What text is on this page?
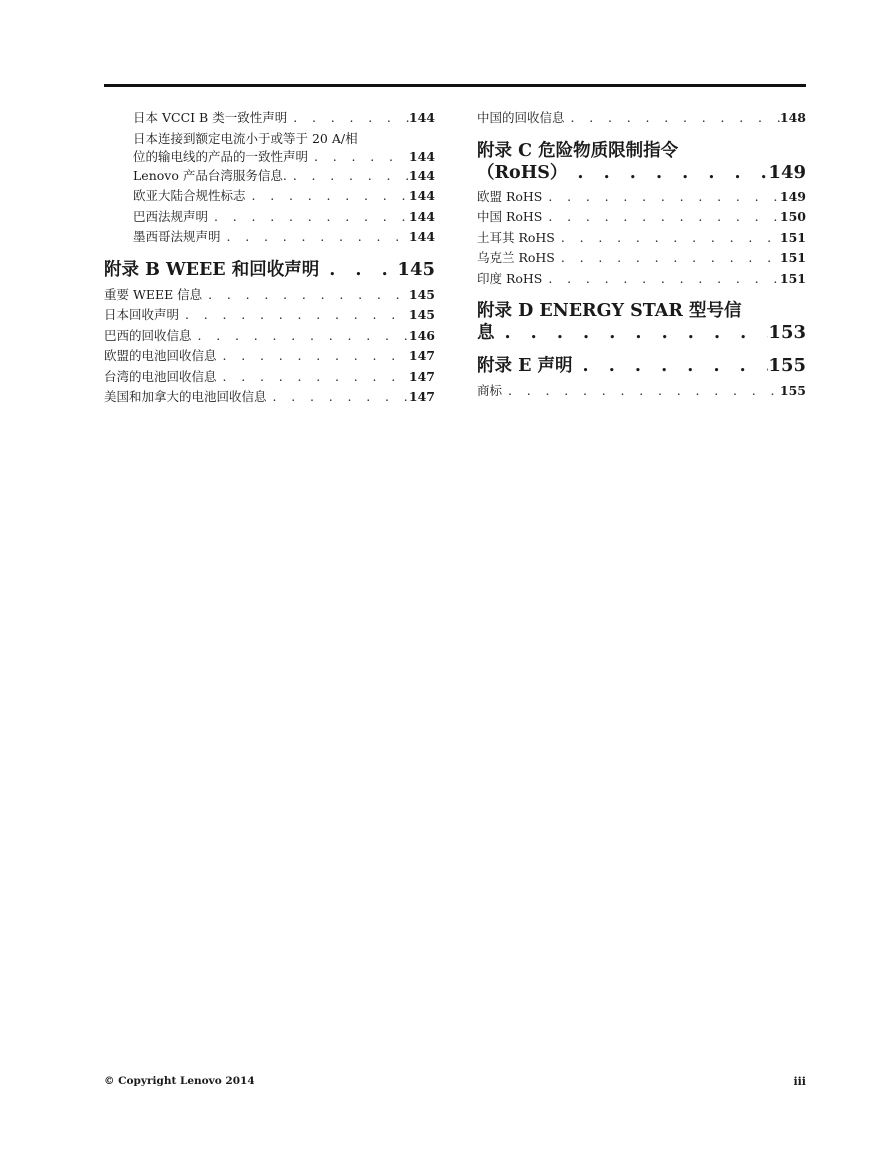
日本 VCCI B 类一致性声明 . . .	144
日本连接到额定电流小于或等于 20 A/相
位的输电线的产品的一致性声明 . . .	144
Lenovo 产品台湾服务信息. . . .	144
欧亚大陆合规性标志 . . .	144
巴西法规声明 . . .	144
墨西哥法规声明 . . .	144
附录 B WEEE 和回收声明 . . .	145
重要 WEEE 信息 . . .	145
日本回收声明 . . .	145
巴西的回收信息 . . .	146
欧盟的电池回收信息 . . .	147
台湾的电池回收信息 . . .	147
美国和加拿大的电池回收信息 . . .	147
中国的回收信息 . . .	148
附录 C 危险物质限制指令
（RoHS） . . .	149
欧盟 RoHS . . .	149
中国 RoHS . . .	150
土耳其 RoHS . . .	151
乌克兰 RoHS . . .	151
印度 RoHS . . .	151
附录 D ENERGY STAR 型号信
息 . . .	153
附录 E 声明 . . .	155
商标 . . .	155
© Copyright Lenovo 2014	iii
